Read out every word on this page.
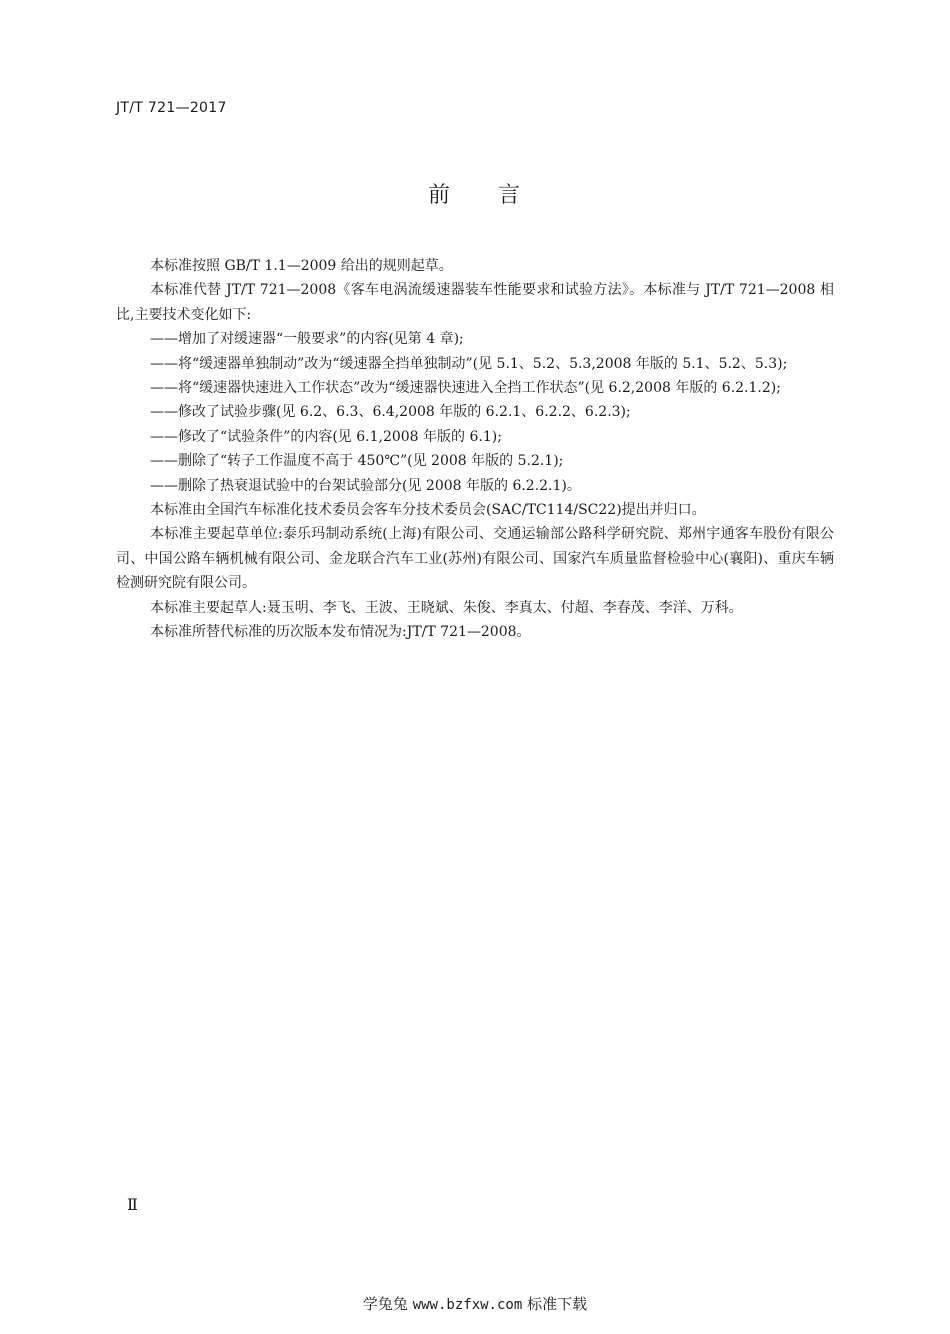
JT/T 721—2017
前 言

本标准按照 GB/T 1.1—2009 给出的规则起草。

本标准代替 JT/T 721—2008《客车电涡流缓速器装车性能要求和试验方法》。本标准与 JT/T 721—2008 相比,主要技术变化如下:

——增加了对缓速器“一般要求”的内容(见第 4 章);

——将“缓速器单独制动”改为“缓速器全挡单独制动”(见 5.1、5.2、5.3,2008 年版的 5.1、5.2、5.3);

——将“缓速器快速进入工作状态”改为“缓速器快速进入全挡工作状态”(见 6.2,2008 年版的 6.2.1.2);

——修改了试验步骤(见 6.2、6.3、6.4,2008 年版的 6.2.1、6.2.2、6.2.3);

——修改了“试验条件”的内容(见 6.1,2008 年版的 6.1);

——删除了“转子工作温度不高于 450℃”(见 2008 年版的 5.2.1);

——删除了热衰退试验中的台架试验部分(见 2008 年版的 6.2.2.1)。

本标准由全国汽车标准化技术委员会客车分技术委员会(SAC/TC114/SC22)提出并归口。

本标准主要起草单位:泰乐玛制动系统(上海)有限公司、交通运输部公路科学研究院、郑州宇通客车股份有限公司、中国公路车辆机械有限公司、金龙联合汽车工业(苏州)有限公司、国家汽车质量监督检验中心(襄阳)、重庆车辆检测研究院有限公司。

本标准主要起草人:聂玉明、李飞、王波、王晓斌、朱俊、李真太、付超、李春茂、李洋、万科。

本标准所替代标准的历次版本发布情况为:JT/T 721—2008。

Ⅱ
学兔兔 www.bzfxw.com 标准下载
